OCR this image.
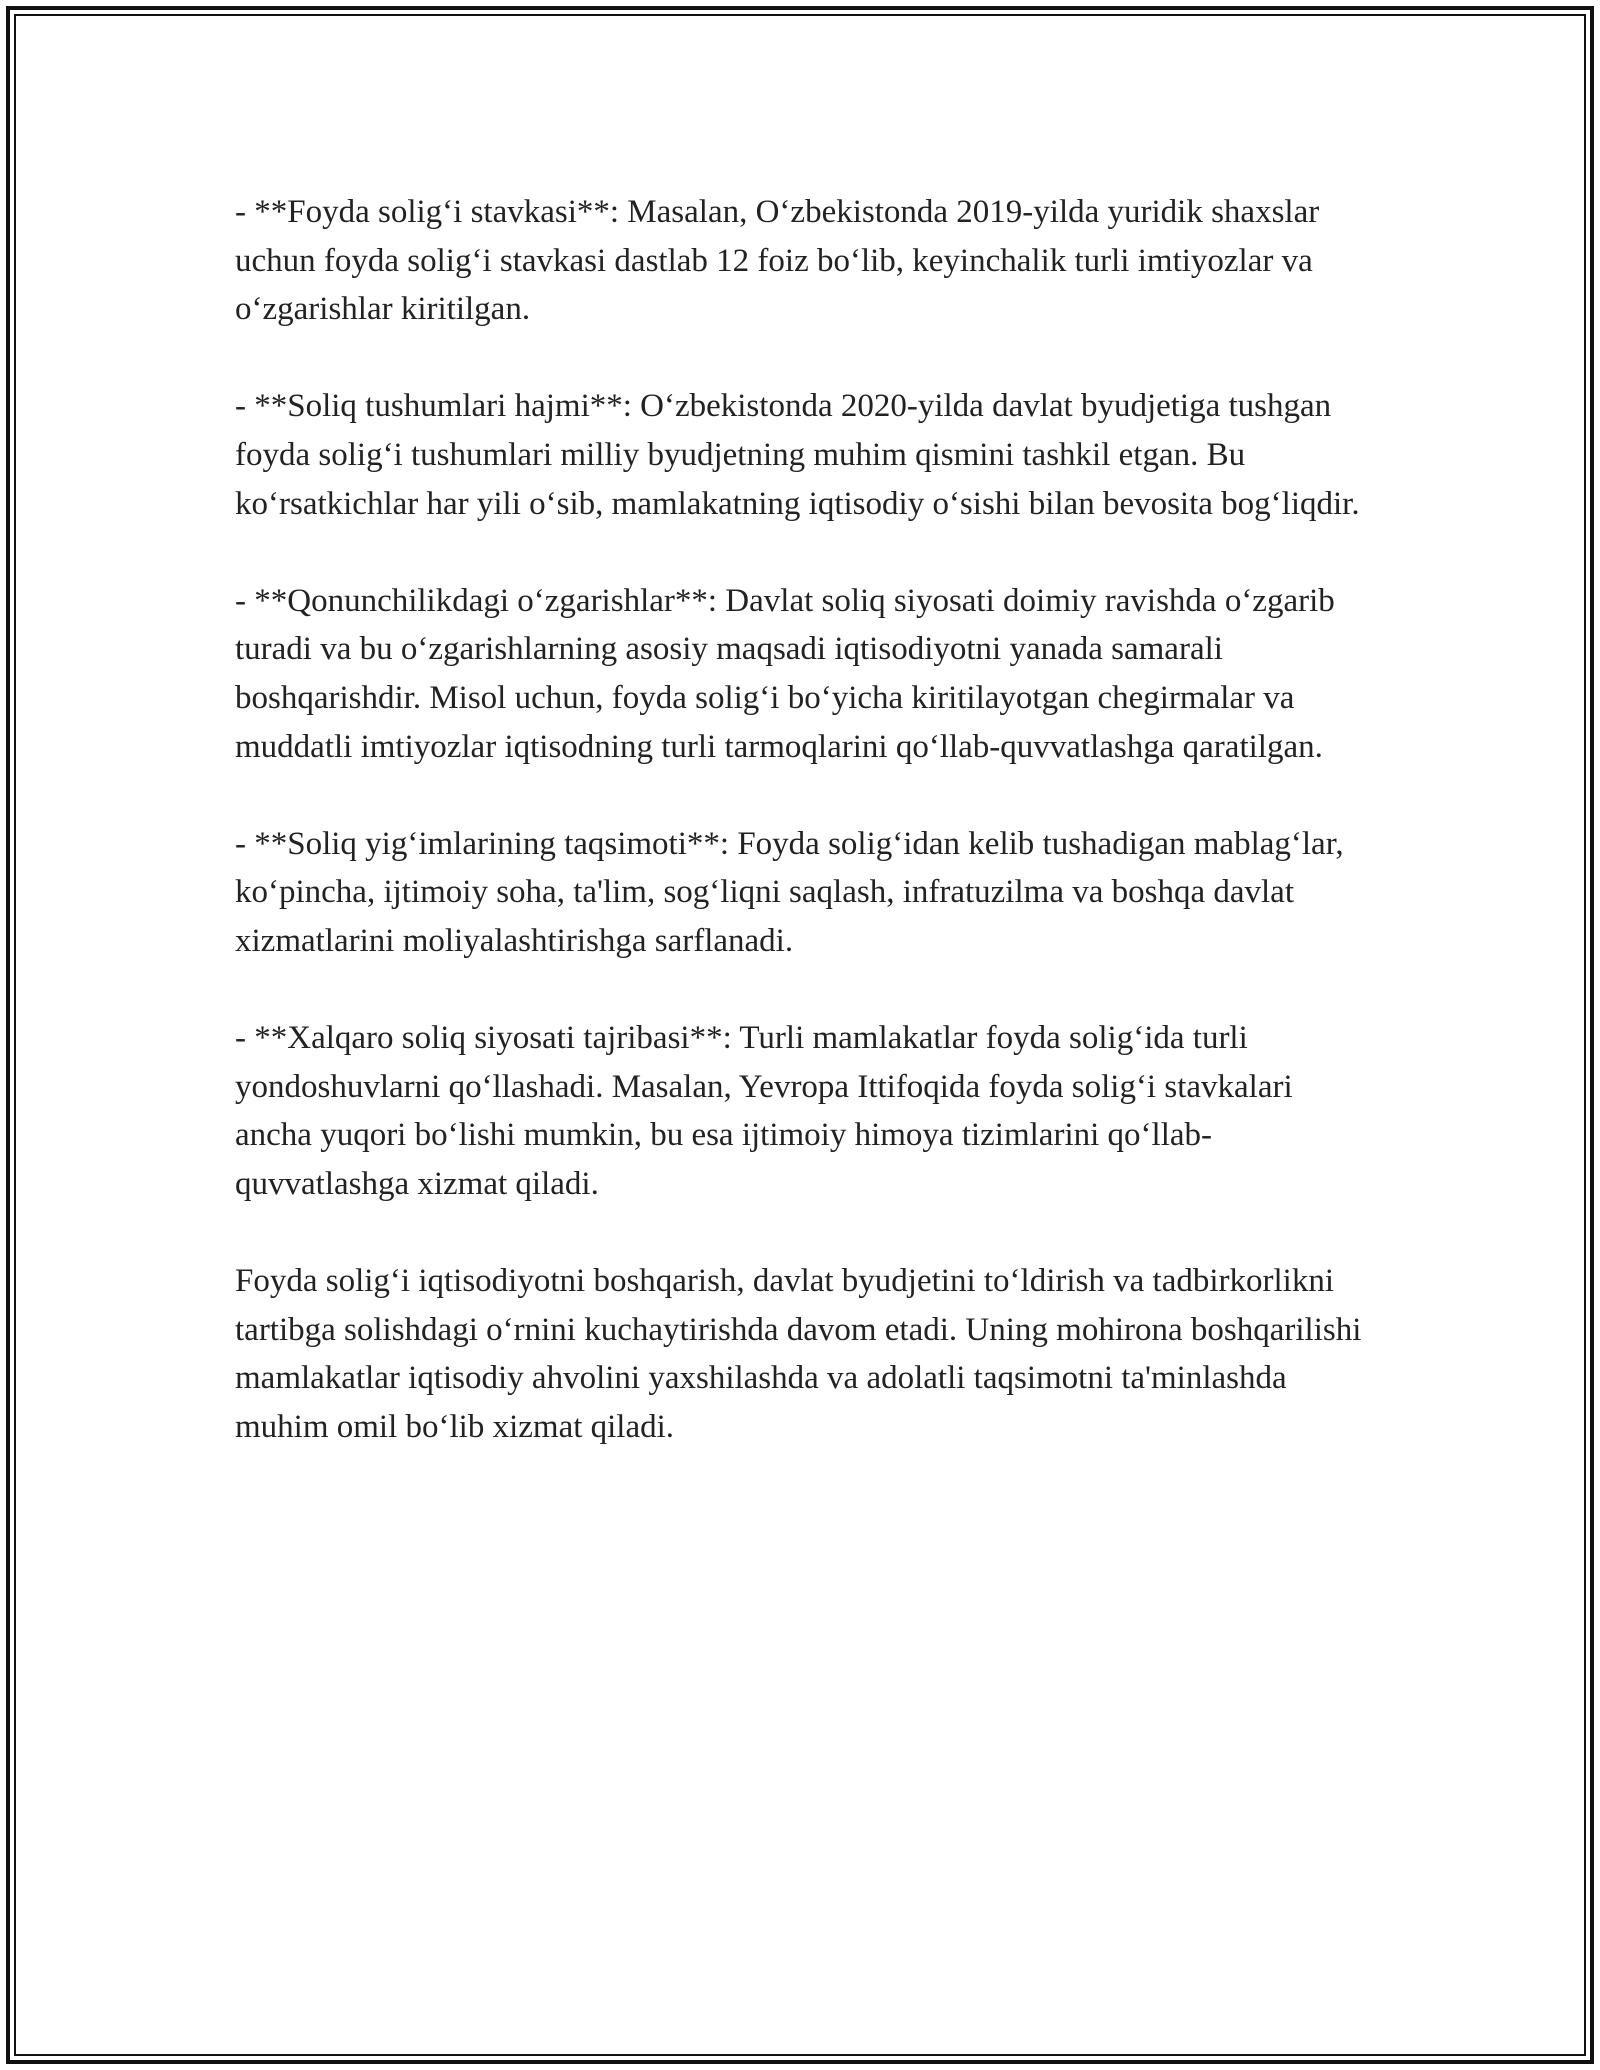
- **Foyda solig‘i stavkasi**: Masalan, O‘zbekistonda 2019-yilda yuridik shaxslar uchun foyda solig‘i stavkasi dastlab 12 foiz bo‘lib, keyinchalik turli imtiyozlar va o‘zgarishlar kiritilgan.

- **Soliq tushumlari hajmi**: O‘zbekistonda 2020-yilda davlat byudjetiga tushgan foyda solig‘i tushumlari milliy byudjetning muhim qismini tashkil etgan. Bu ko‘rsatkichlar har yili o‘sib, mamlakatning iqtisodiy o‘sishi bilan bevosita bog‘liqdir.

- **Qonunchilikdagi o‘zgarishlar**: Davlat soliq siyosati doimiy ravishda o‘zgarib turadi va bu o‘zgarishlarning asosiy maqsadi iqtisodiyotni yanada samarali boshqarishdir. Misol uchun, foyda solig‘i bo‘yicha kiritilayotgan chegirmalar va muddatli imtiyozlar iqtisodning turli tarmoqlarini qo‘llab-quvvatlashga qaratilgan.

- **Soliq yig‘imlarining taqsimoti**: Foyda solig‘idan kelib tushadigan mablag‘lar, ko‘pincha, ijtimoiy soha, ta'lim, sog‘liqni saqlash, infratuzilma va boshqa davlat xizmatlarini moliyalashtirishga sarflanadi.

- **Xalqaro soliq siyosati tajribasi**: Turli mamlakatlar foyda solig‘ida turli yondoshuvlarni qo‘llashadi. Masalan, Yevropa Ittifoqida foyda solig‘i stavkalari ancha yuqori bo‘lishi mumkin, bu esa ijtimoiy himoya tizimlarini qo‘llab-quvvatlashga xizmat qiladi.

Foyda solig‘i iqtisodiyotni boshqarish, davlat byudjetini to‘ldirish va tadbirkorlikni tartibga solishdagi o‘rnini kuchaytirishda davom etadi. Uning mohirona boshqarilishi mamlakatlar iqtisodiy ahvolini yaxshilashda va adolatli taqsimotni ta'minlashda muhim omil bo‘lib xizmat qiladi.
